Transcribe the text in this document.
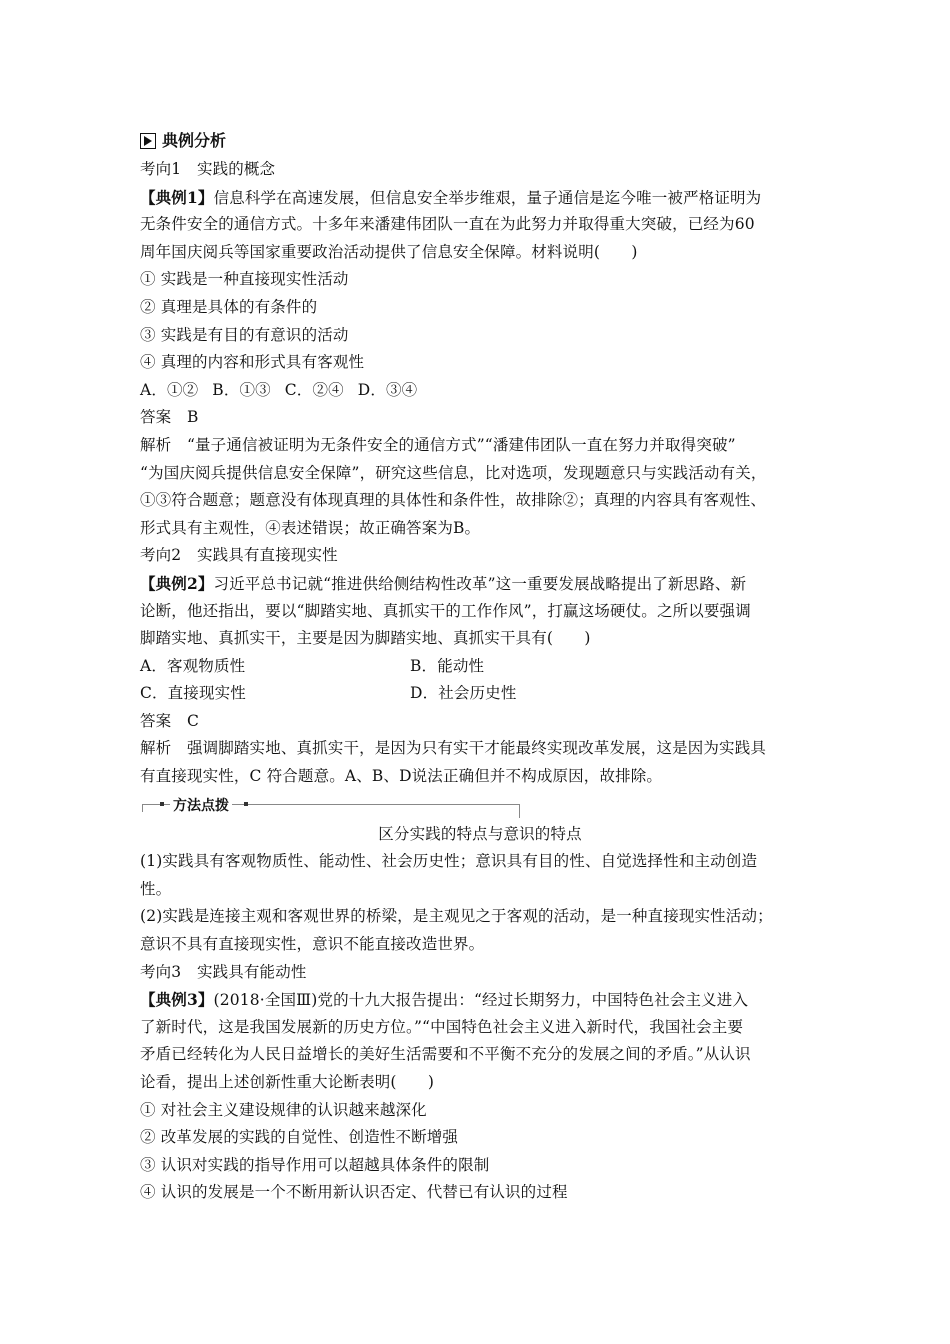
典例分析
考向1　实践的概念
【典例1】信息科学在高速发展，但信息安全举步维艰，量子通信是迄今唯一被严格证明为
无条件安全的通信方式。十多年来潘建伟团队一直在为此努力并取得重大突破，已经为60
周年国庆阅兵等国家重要政治活动提供了信息安全保障。材料说明(　　)
① 实践是一种直接现实性活动
② 真理是具体的有条件的
③ 实践是有目的有意识的活动
④ 真理的内容和形式具有客观性
A．①② B．①③ C．②④ D．③④
答案　B
解析　“量子通信被证明为无条件安全的通信方式”“潘建伟团队一直在努力并取得突破”
“为国庆阅兵提供信息安全保障”，研究这些信息，比对选项，发现题意只与实践活动有关，
①③符合题意；题意没有体现真理的具体性和条件性，故排除②；真理的内容具有客观性、
形式具有主观性，④表述错误；故正确答案为B。
考向2　实践具有直接现实性
【典例2】习近平总书记就“推进供给侧结构性改革”这一重要发展战略提出了新思路、新
论断，他还指出，要以“脚踏实地、真抓实干的工作作风”，打赢这场硬仗。之所以要强调
脚踏实地、真抓实干，主要是因为脚踏实地、真抓实干具有(　　)
A．客观物质性	B．能动性
C．直接现实性	D．社会历史性
答案　C
解析　强调脚踏实地、真抓实干，是因为只有实干才能最终实现改革发展，这是因为实践具
有直接现实性，C 符合题意。A、B、D说法正确但并不构成原因，故排除。
方法点拨
区分实践的特点与意识的特点
(1)实践具有客观物质性、能动性、社会历史性；意识具有目的性、自觉选择性和主动创造
性。
(2)实践是连接主观和客观世界的桥梁，是主观见之于客观的活动，是一种直接现实性活动；
意识不具有直接现实性，意识不能直接改造世界。
考向3　实践具有能动性
【典例3】(2018·全国Ⅲ)党的十九大报告提出：“经过长期努力，中国特色社会主义进入
了新时代，这是我国发展新的历史方位。”“中国特色社会主义进入新时代，我国社会主要
矛盾已经转化为人民日益增长的美好生活需要和不平衡不充分的发展之间的矛盾。”从认识
论看，提出上述创新性重大论断表明(　　)
① 对社会主义建设规律的认识越来越深化
② 改革发展的实践的自觉性、创造性不断增强
③ 认识对实践的指导作用可以超越具体条件的限制
④ 认识的发展是一个不断用新认识否定、代替已有认识的过程
